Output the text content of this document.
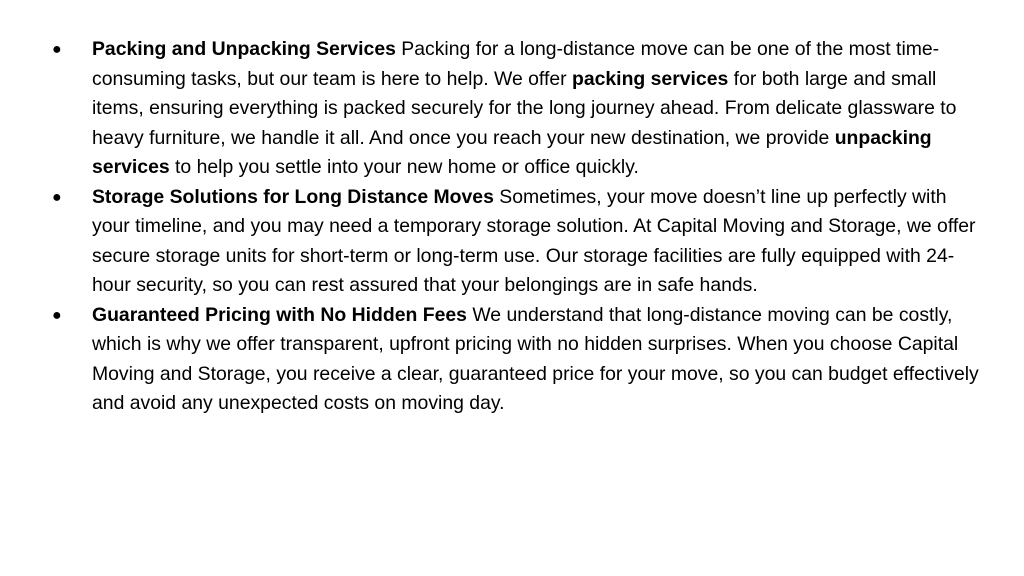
●	Packing and Unpacking Services Packing for a long-distance move can be one of the most time-consuming tasks, but our team is here to help. We offer packing services for both large and small items, ensuring everything is packed securely for the long journey ahead. From delicate glassware to heavy furniture, we handle it all. And once you reach your new destination, we provide unpacking services to help you settle into your new home or office quickly.
●	Storage Solutions for Long Distance Moves Sometimes, your move doesn’t line up perfectly with your timeline, and you may need a temporary storage solution. At Capital Moving and Storage, we offer secure storage units for short-term or long-term use. Our storage facilities are fully equipped with 24-hour security, so you can rest assured that your belongings are in safe hands.
●	Guaranteed Pricing with No Hidden Fees We understand that long-distance moving can be costly, which is why we offer transparent, upfront pricing with no hidden surprises. When you choose Capital Moving and Storage, you receive a clear, guaranteed price for your move, so you can budget effectively and avoid any unexpected costs on moving day.
